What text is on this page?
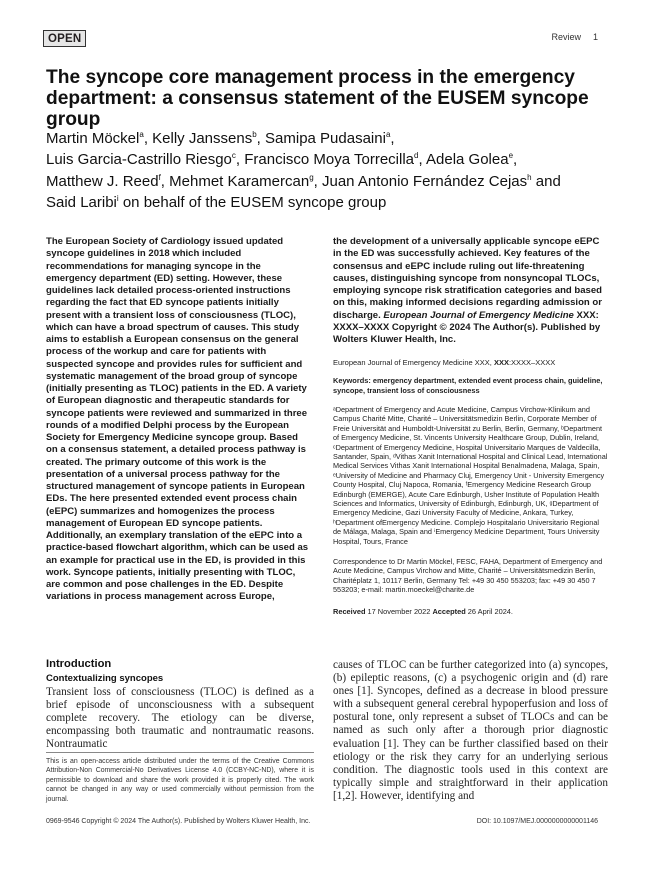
OPEN	Review 1
The syncope core management process in the emergency department: a consensus statement of the EUSEM syncope group
Martin Möckel$^a$, Kelly Janssens$^b$, Samipa Pudasaini$^a$,
Luis Garcia-Castrillo Riesgo$^c$, Francisco Moya Torrecilla$^d$, Adela Golea$^e$,
Matthew J. Reed$^f$, Mehmet Karamercan$^g$, Juan Antonio Fernández Cejas$^h$ and
Said Laribi$^i$ on behalf of the EUSEM syncope group

The European Society of Cardiology issued updated syncope guidelines in 2018 which included recommendations for managing syncope in the emergency department (ED) setting. However, these guidelines lack detailed process-oriented instructions regarding the fact that ED syncope patients initially present with a transient loss of consciousness (TLOC), which can have a broad spectrum of causes. This study aims to establish a European consensus on the general process of the workup and care for patients with suspected syncope and provides rules for sufficient and systematic management of the broad group of syncope (initially presenting as TLOC) patients in the ED. A variety of European diagnostic and therapeutic standards for syncope patients were reviewed and summarized in three rounds of a modified Delphi process by the European Society for Emergency Medicine syncope group. Based on a consensus statement, a detailed process pathway is created. The primary outcome of this work is the presentation of a universal process pathway for the structured management of syncope patients in European EDs. The here presented extended event process chain (eEPC) summarizes and homogenizes the process management of European ED syncope patients. Additionally, an exemplary translation of the eEPC into a practice-based flowchart algorithm, which can be used as an example for practical use in the ED, is provided in this work. Syncope patients, initially presenting with TLOC, are common and pose challenges in the ED. Despite variations in process management across Europe,

the development of a universally applicable syncope eEPC in the ED was successfully achieved. Key features of the consensus and eEPC include ruling out life-threatening causes, distinguishing syncope from nonsyncopal TLOCs, employing syncope risk stratification categories and based on this, making informed decisions regarding admission or discharge. European Journal of Emergency Medicine XXX: XXXX–XXXX Copyright © 2024 The Author(s). Published by Wolters Kluwer Health, Inc.

European Journal of Emergency Medicine XXX, XXX:XXXX–XXXX
Keywords: emergency department, extended event process chain, guideline, syncope, transient loss of consciousness
ᵃDepartment of Emergency and Acute Medicine, Campus Virchow-Klinikum and Campus Charité Mitte, Charité – Universitätsmedizin Berlin, Corporate Member of Freie Universität and Humboldt-Universität zu Berlin, Berlin, Germany, ᵇDepartment of Emergency Medicine, St. Vincents University Healthcare Group, Dublin, Ireland, ᶜDepartment of Emergency Medicine, Hospital Universitario Marques de Valdecilla, Santander, Spain, ᵈVithas Xanit International Hospital and Clinical Lead, International Medical Services Vithas Xanit International Hospital Benalmadena, Malaga, Spain, ᵉUniversity of Medicine and Pharmacy Cluj, Emergency Unit - University Emergency County Hospital, Cluj Napoca, Romania, ᶠEmergency Medicine Research Group Edinburgh (EMERGE), Acute Care Edinburgh, Usher Institute of Population Health Sciences and Informatics, University of Edinburgh, Edinburgh, UK, ᵍDepartment of Emergency Medicine, Gazi University Faculty of Medicine, Ankara, Turkey, ʰDepartment ofEmergency Medicine. Complejo Hospitalario Universitario Regional de Málaga, Malaga, Spain and ⁱEmergency Medicine Department, Tours University Hospital, Tours, France
Correspondence to Dr Martin Möckel, FESC, FAHA, Department of Emergency and Acute Medicine, Campus Virchow and Mitte, Charité – Universitätsmedizin Berlin, Charitéplatz 1, 10117 Berlin, Germany Tel: +49 30 450 553203; fax: +49 30 450 7 553203; e-mail: martin.moeckel@charite.de
Received 17 November 2022 Accepted 26 April 2024.
Introduction
Contextualizing syncopes
Transient loss of consciousness (TLOC) is defined as a brief episode of unconsciousness with a subsequent complete recovery. The etiology can be diverse, encompassing both traumatic and nontraumatic reasons. Nontraumatic
causes of TLOC can be further categorized into (a) syncopes, (b) epileptic reasons, (c) a psychogenic origin and (d) rare ones [1]. Syncopes, defined as a decrease in blood pressure with a subsequent general cerebral hypoperfusion and loss of postural tone, only represent a subset of TLOCs and can be named as such only after a thorough prior diagnostic evaluation [1]. They can be further classified based on their etiology or the risk they carry for an underlying serious condition. The diagnostic tools used in this context are typically simple and straightforward in their application [1,2]. However, identifying and
This is an open-access article distributed under the terms of the Creative Commons Attribution-Non Commercial-No Derivatives License 4.0 (CCBY-NC-ND), where it is permissible to download and share the work provided it is properly cited. The work cannot be changed in any way or used commercially without permission from the journal.
0969-9546 Copyright © 2024 The Author(s). Published by Wolters Kluwer Health, Inc.	DOI: 10.1097/MEJ.0000000000001146
